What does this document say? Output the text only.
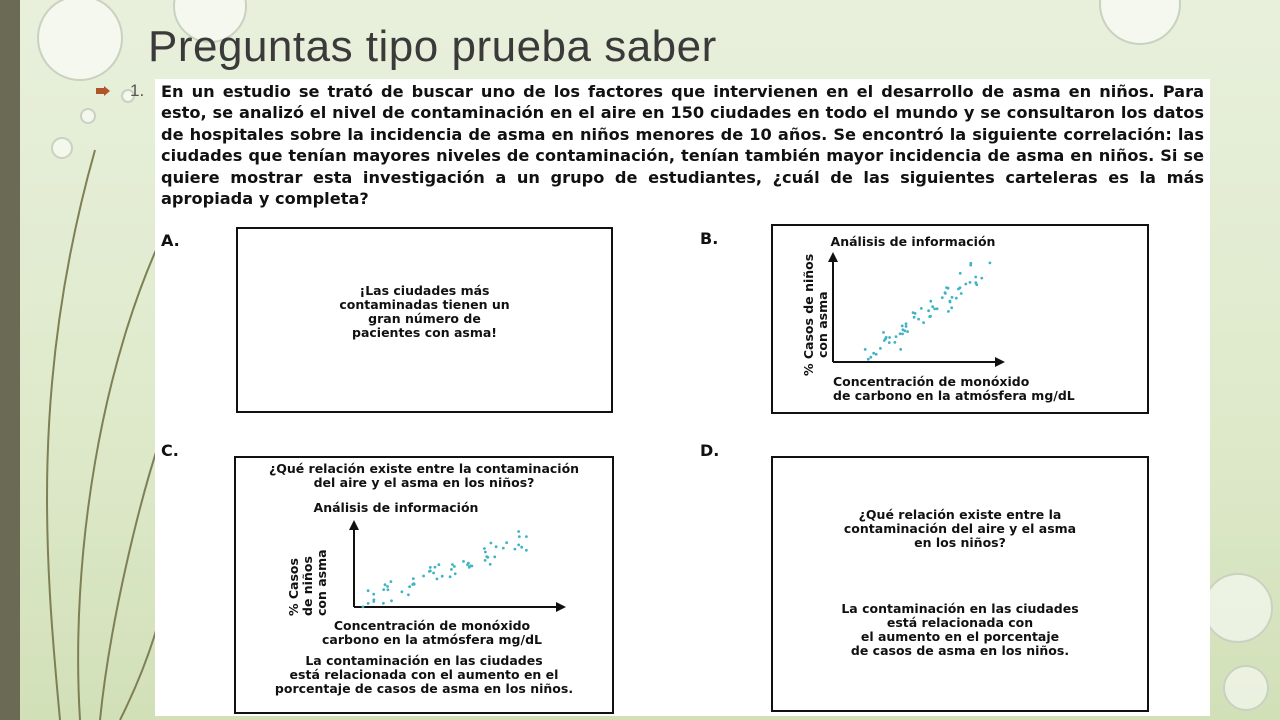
Preguntas tipo prueba saber
1. En un estudio se trató de buscar uno de los factores que intervienen en el desarrollo de asma en niños. Para esto, se analizó el nivel de contaminación en el aire en 150 ciudades en todo el mundo y se consultaron los datos de hospitales sobre la incidencia de asma en niños menores de 10 años. Se encontró la siguiente correlación: las ciudades que tenían mayores niveles de contaminación, tenían también mayor incidencia de asma en niños. Si se quiere mostrar esta investigación a un grupo de estudiantes, ¿cuál de las siguientes carteleras es la más apropiada y completa?
A.
¡Las ciudades más
contaminadas tienen un
gran número de
pacientes con asma!
B.	Análisis de información
% Casos de niños con asma
Concentración de monóxido
de carbono en la atmósfera mg/dL
C.
¿Qué relación existe entre la contaminación
del aire y el asma en los niños?
Análisis de información
% Casos de niños con asma
Concentración de monóxido
carbono en la atmósfera mg/dL
La contaminación en las ciudades
está relacionada con el aumento en el
porcentaje de casos de asma en los niños.
D.
¿Qué relación existe entre la
contaminación del aire y el asma
en los niños?
La contaminación en las ciudades
está relacionada con
el aumento en el porcentaje
de casos de asma en los niños.
